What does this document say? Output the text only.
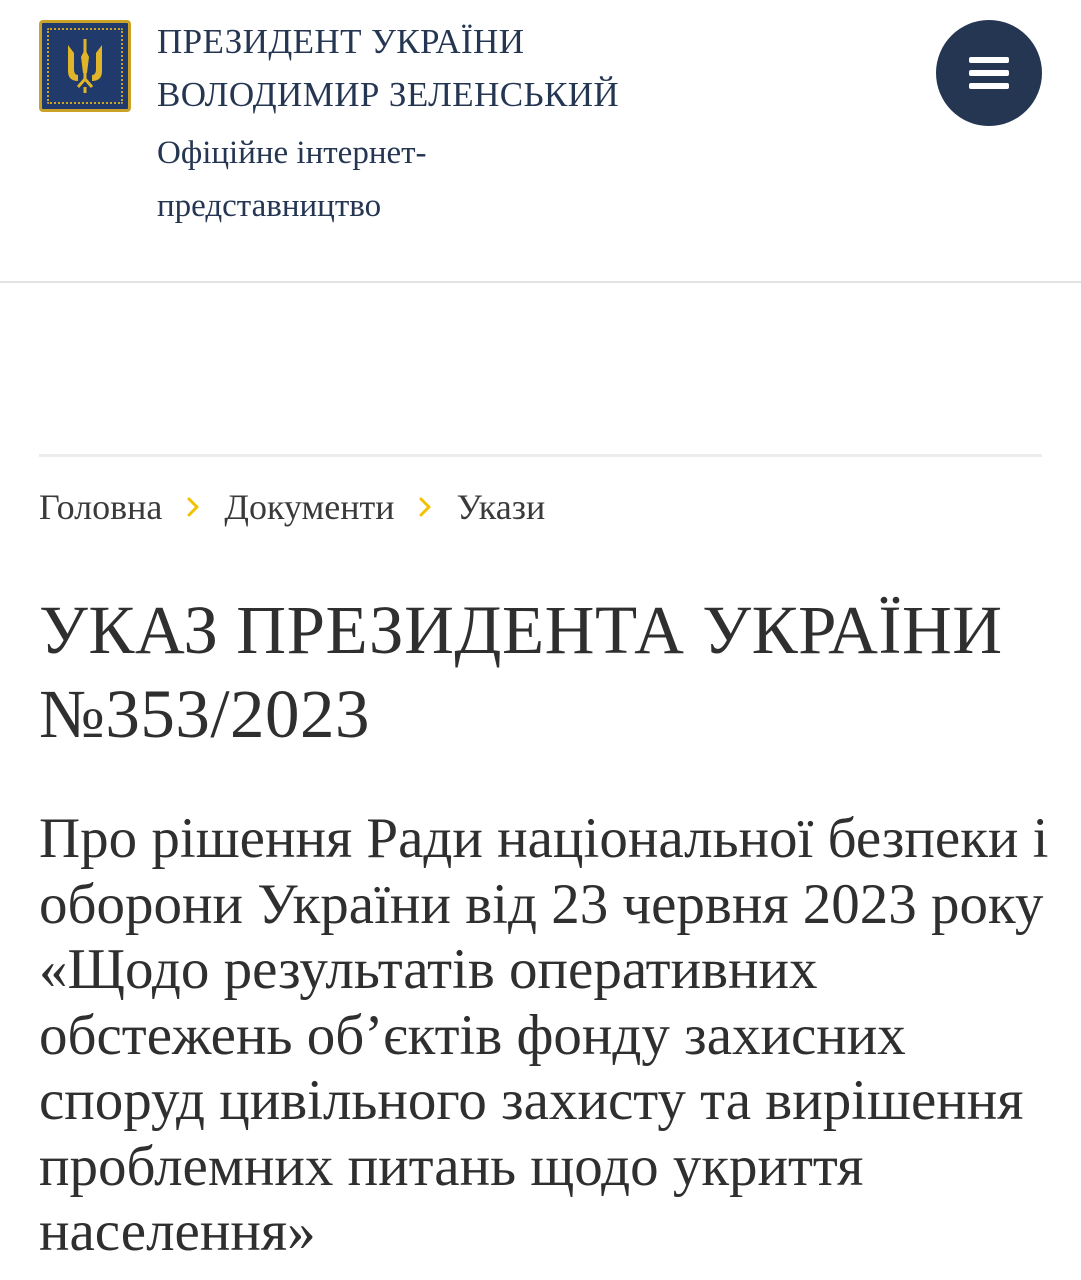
ПРЕЗИДЕНТ УКРАЇНИ
ВОЛОДИМИР ЗЕЛЕНСЬКИЙ
Офіційне інтернет-представництво
Головна Документи Укази
УКАЗ ПРЕЗИДЕНТА УКРАЇНИ №353/2023
Про рішення Ради національної безпеки і оборони України від 23 червня 2023 року «Щодо результатів оперативних обстежень об’єктів фонду захисних споруд цивільного захисту та вирішення проблемних питань щодо укриття населення»
